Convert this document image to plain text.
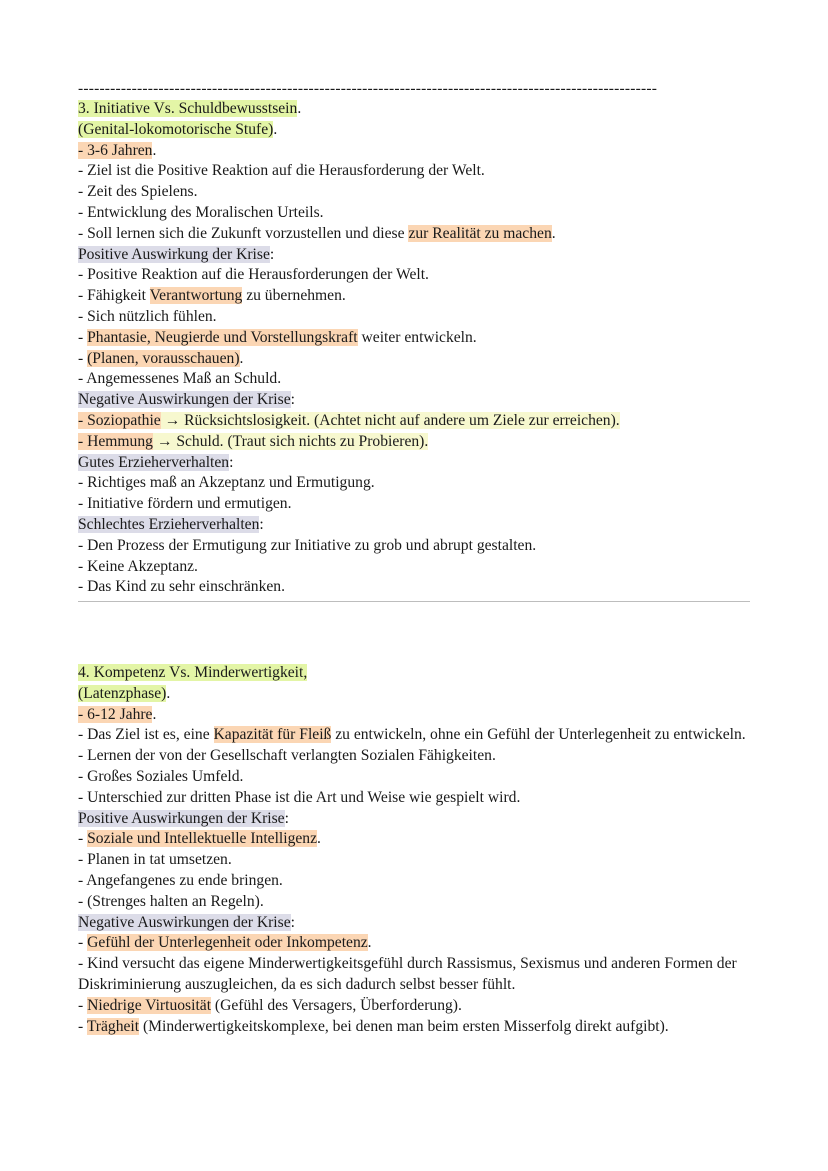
------------------------------------------------------------------------------------------------------------
3. Initiative Vs. Schuldbewusstsein.
(Genital-lokomotorische Stufe).
- 3-6 Jahren.
- Ziel ist die Positive Reaktion auf die Herausforderung der Welt.
- Zeit des Spielens.
- Entwicklung des Moralischen Urteils.
- Soll lernen sich die Zukunft vorzustellen und diese zur Realität zu machen.
Positive Auswirkung der Krise:
- Positive Reaktion auf die Herausforderungen der Welt.
- Fähigkeit Verantwortung zu übernehmen.
- Sich nützlich fühlen.
- Phantasie, Neugierde und Vorstellungskraft weiter entwickeln.
- (Planen, vorausschauen).
- Angemessenes Maß an Schuld.
Negative Auswirkungen der Krise:
- Soziopathie → Rücksichtslosigkeit. (Achtet nicht auf andere um Ziele zur erreichen).
- Hemmung → Schuld. (Traut sich nichts zu Probieren).
Gutes Erzieherverhalten:
- Richtiges maß an Akzeptanz und Ermutigung.
- Initiative fördern und ermutigen.
Schlechtes Erzieherverhalten:
- Den Prozess der Ermutigung zur Initiative zu grob und abrupt gestalten.
- Keine Akzeptanz.
- Das Kind zu sehr einschränken.
4. Kompetenz Vs. Minderwertigkeit,
(Latenzphase).
- 6-12 Jahre.
- Das Ziel ist es, eine Kapazität für Fleiß zu entwickeln, ohne ein Gefühl der Unterlegenheit zu entwickeln.
- Lernen der von der Gesellschaft verlangten Sozialen Fähigkeiten.
- Großes Soziales Umfeld.
- Unterschied zur dritten Phase ist die Art und Weise wie gespielt wird.
Positive Auswirkungen der Krise:
- Soziale und Intellektuelle Intelligenz.
- Planen in tat umsetzen.
- Angefangenes zu ende bringen.
- (Strenges halten an Regeln).
Negative Auswirkungen der Krise:
- Gefühl der Unterlegenheit oder Inkompetenz.
- Kind versucht das eigene Minderwertigkeitsgefühl durch Rassismus, Sexismus und anderen Formen der Diskriminierung auszugleichen, da es sich dadurch selbst besser fühlt.
- Niedrige Virtuosität (Gefühl des Versagers, Überforderung).
- Trägheit (Minderwertigkeitskomplexe, bei denen man beim ersten Misserfolg direkt aufgibt).
